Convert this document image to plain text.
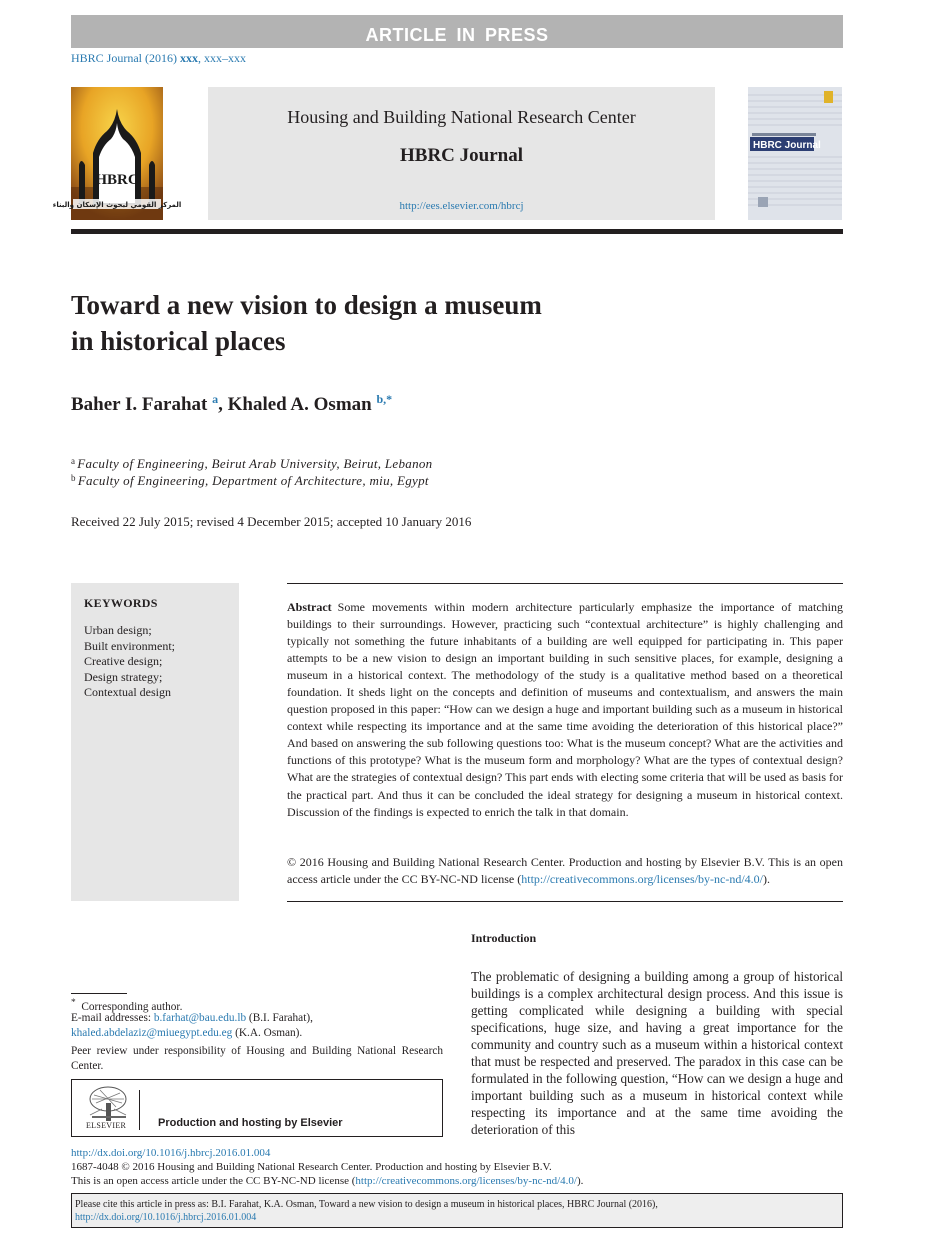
ARTICLE IN PRESS
HBRC Journal (2016) xxx, xxx–xxx
HBRC
المركز القومي لبحوث الإسكان والبناء
Housing and Building National Research Center
HBRC Journal
http://ees.elsevier.com/hbrcj
HBRC Journal
Toward a new vision to design a museum
in historical places
Baher I. Farahat $^a$, Khaled A. Osman $^{b,*}$
$^a$ Faculty of Engineering, Beirut Arab University, Beirut, Lebanon
$^b$ Faculty of Engineering, Department of Architecture, miu, Egypt
Received 22 July 2015; revised 4 December 2015; accepted 10 January 2016
KEYWORDS
Urban design;
Built environment;
Creative design;
Design strategy;
Contextual design
Abstract Some movements within modern architecture particularly emphasize the importance of matching buildings to their surroundings. However, practicing such “contextual architecture” is highly challenging and typically not something the future inhabitants of a building are well equipped for participating in. This paper attempts to be a new vision to design an important building in such sensitive places, for example, designing a museum in a historical context. The methodology of the study is a qualitative method based on a theoretical foundation. It sheds light on the concepts and definition of museums and contextualism, and answers the main question proposed in this paper: “How can we design a huge and important building such as a museum in historical context while respecting its importance and at the same time avoiding the deterioration of this historical place?” And based on answering the sub following questions too: What is the museum concept? What are the activities and functions of this prototype? What is the museum form and morphology? What are the types of contextual design? What are the strategies of contextual design? This part ends with electing some criteria that will be used as basis for the practical part. And thus it can be concluded the ideal strategy for designing a museum in historical context. Discussion of the findings is expected to enrich the talk in that domain.
© 2016 Housing and Building National Research Center. Production and hosting by Elsevier B.V. This is an open access article under the CC BY-NC-ND license (http://creativecommons.org/licenses/by-nc-nd/4.0/).
Introduction
The problematic of designing a building among a group of historical buildings is a complex architectural design process. And this issue is getting complicated while designing a building with special specifications, huge size, and having a great importance for the community and country such as a museum within a historical context that must be respected and preserved. The paradox in this case can be formulated in the following question, “How can we design a huge and important building such as a museum in historical context while respecting its importance and at the same time avoiding the deterioration of this
* Corresponding author.
E-mail addresses: b.farhat@bau.edu.lb (B.I. Farahat), khaled.abdelaziz@miuegypt.edu.eg (K.A. Osman).
Peer review under responsibility of Housing and Building National Research Center.
ELSEVIER	Production and hosting by Elsevier
http://dx.doi.org/10.1016/j.hbrcj.2016.01.004
1687-4048 © 2016 Housing and Building National Research Center. Production and hosting by Elsevier B.V.
This is an open access article under the CC BY-NC-ND license (http://creativecommons.org/licenses/by-nc-nd/4.0/).
Please cite this article in press as: B.I. Farahat, K.A. Osman, Toward a new vision to design a museum in historical places, HBRC Journal (2016), http://dx.doi.org/10.1016/j.hbrcj.2016.01.004
